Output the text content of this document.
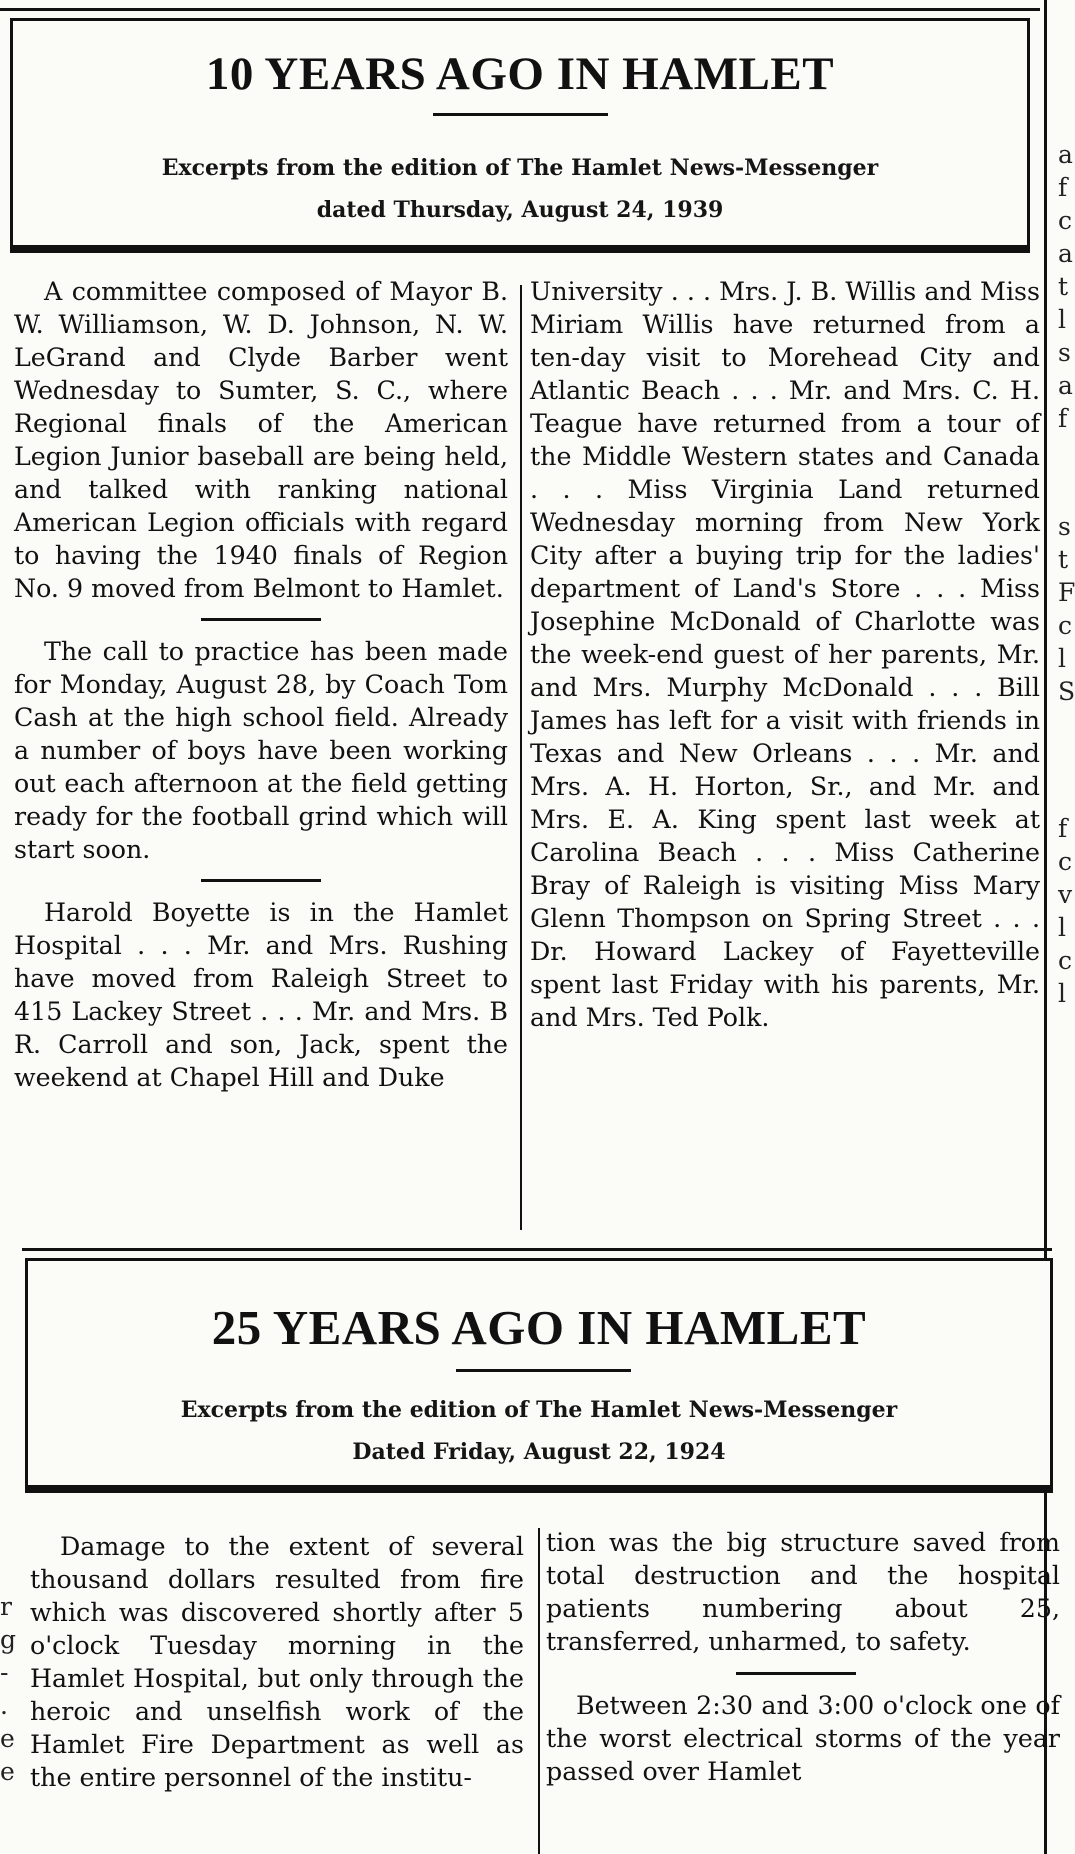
10 YEARS AGO IN HAMLET
Excerpts from the edition of The Hamlet News-Messenger
dated Thursday, August 24, 1939

A committee composed of Mayor B. W. Williamson, W. D. Johnson, N. W. LeGrand and Clyde Barber went Wednesday to Sumter, S. C., where Regional finals of the American Legion Junior baseball are being held, and talked with ranking national American Legion officials with regard to having the 1940 finals of Region No. 9 moved from Belmont to Hamlet.

The call to practice has been made for Monday, August 28, by Coach Tom Cash at the high school field. Already a number of boys have been working out each afternoon at the field getting ready for the football grind which will start soon.

Harold Boyette is in the Hamlet Hospital . . . Mr. and Mrs. Rushing have moved from Raleigh Street to 415 Lackey Street . . . Mr. and Mrs. B R. Carroll and son, Jack, spent the weekend at Chapel Hill and Duke

University . . . Mrs. J. B. Willis and Miss Miriam Willis have returned from a ten-day visit to Morehead City and Atlantic Beach . . . Mr. and Mrs. C. H. Teague have returned from a tour of the Middle Western states and Canada . . . Miss Virginia Land returned Wednesday morning from New York City after a buying trip for the ladies' department of Land's Store . . . Miss Josephine McDonald of Charlotte was the week-end guest of her parents, Mr. and Mrs. Murphy McDonald . . . Bill James has left for a visit with friends in Texas and New Orleans . . . Mr. and Mrs. A. H. Horton, Sr., and Mr. and Mrs. E. A. King spent last week at Carolina Beach . . . Miss Catherine Bray of Raleigh is visiting Miss Mary Glenn Thompson on Spring Street . . . Dr. Howard Lackey of Fayetteville spent last Friday with his parents, Mr. and Mrs. Ted Polk.

25 YEARS AGO IN HAMLET
Excerpts from the edition of The Hamlet News-Messenger
Dated Friday, August 22, 1924

Damage to the extent of several thousand dollars resulted from fire which was discovered shortly after 5 o'clock Tuesday morning in the Hamlet Hospital, but only through the heroic and unselfish work of the Hamlet Fire Department as well as the entire personnel of the institu-

tion was the big structure saved from total destruction and the hospital patients numbering about 25, transferred, unharmed, to safety.

Between 2:30 and 3:00 o'clock one of the worst electrical storms of the year passed over Hamlet

a
f
c
a
t
l
s
a
f
s
t
F
c
l
S
f
c
v
l
c
l
r
g
-
.
e
e
